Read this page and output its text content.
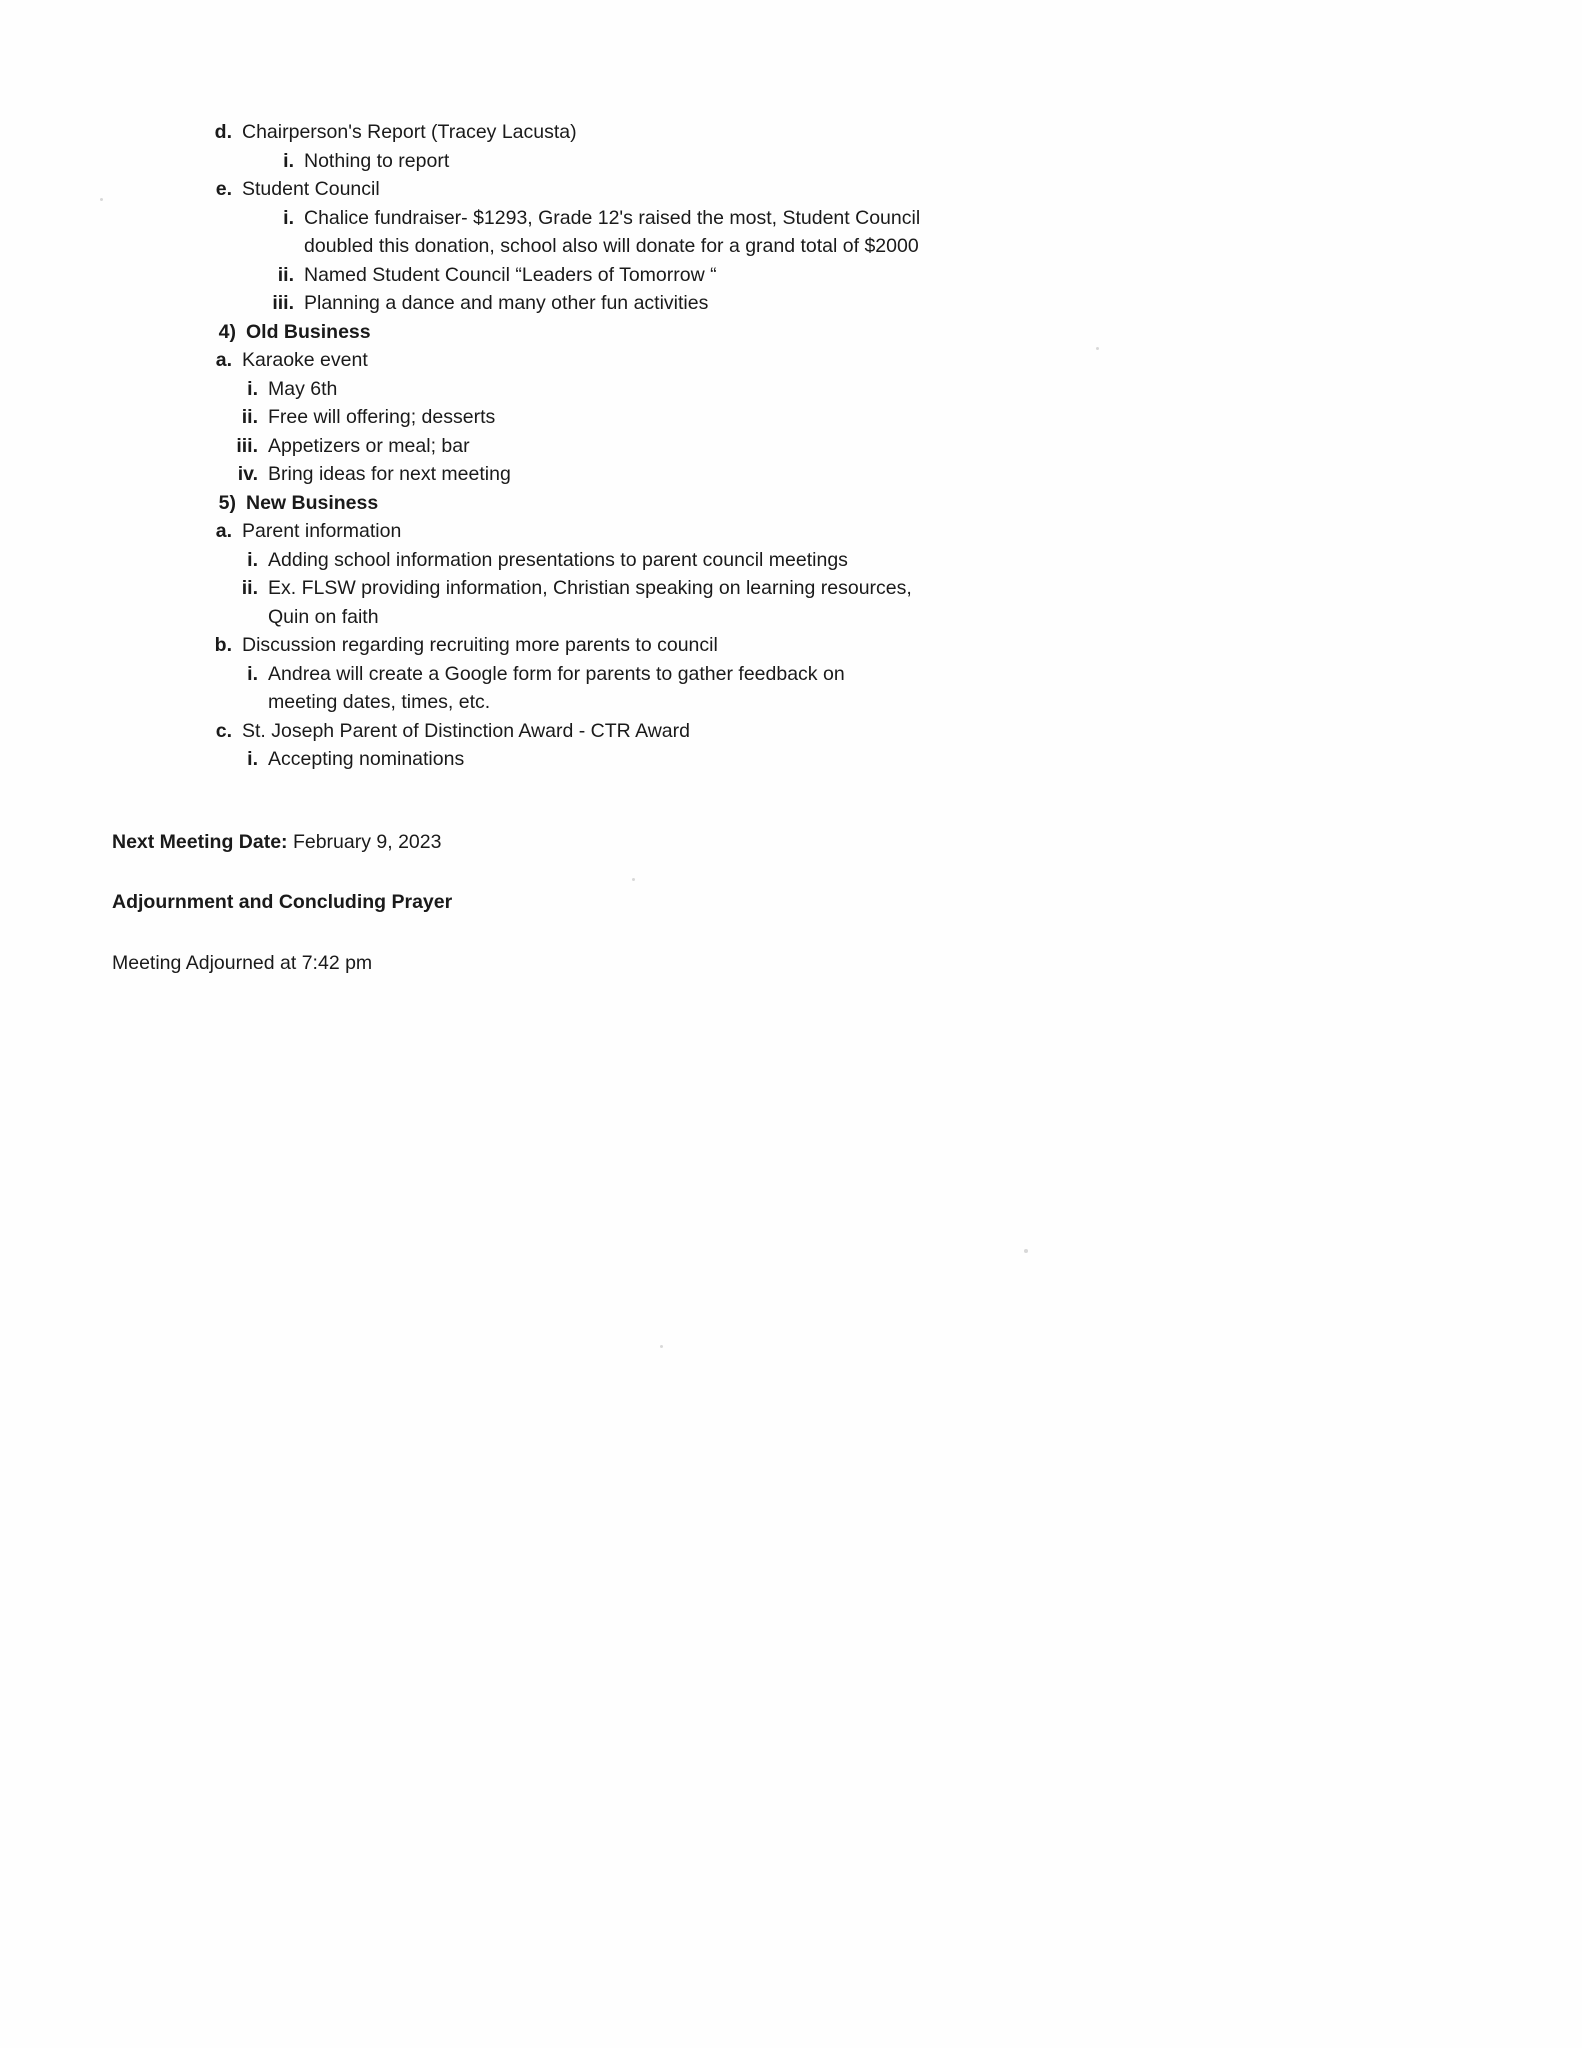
d. Chairperson's Report (Tracey Lacusta)
i. Nothing to report
e. Student Council
i. Chalice fundraiser- $1293, Grade 12's raised the most, Student Council doubled this donation, school also will donate for a grand total of $2000
ii. Named Student Council “Leaders of Tomorrow “
iii. Planning a dance and many other fun activities
4) Old Business
a. Karaoke event
i. May 6th
ii. Free will offering; desserts
iii. Appetizers or meal; bar
iv. Bring ideas for next meeting
5) New Business
a. Parent information
i. Adding school information presentations to parent council meetings
ii. Ex. FLSW providing information, Christian speaking on learning resources, Quin on faith
b. Discussion regarding recruiting more parents to council
i. Andrea will create a Google form for parents to gather feedback on meeting dates, times, etc.
c. St. Joseph Parent of Distinction Award - CTR Award
i. Accepting nominations
Next Meeting Date: February 9, 2023
Adjournment and Concluding Prayer
Meeting Adjourned at 7:42 pm
